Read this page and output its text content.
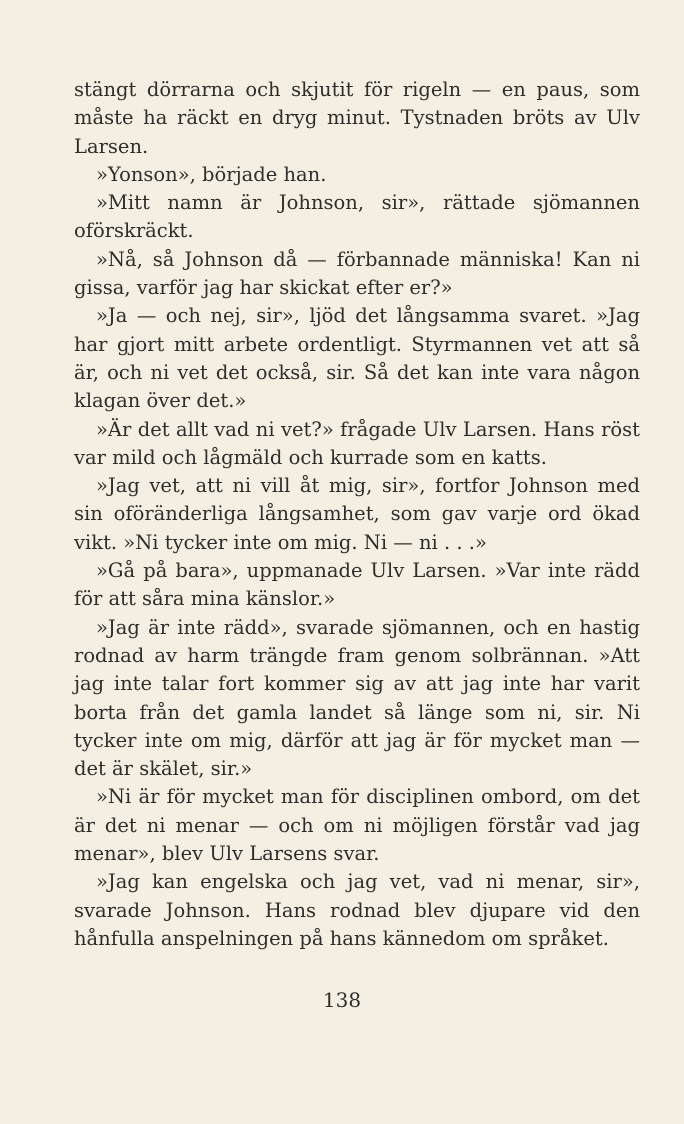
stängt dörrarna och skjutit för rigeln — en paus, som måste ha räckt en dryg minut. Tystnaden bröts av Ulv Larsen.

»Yonson», började han.

»Mitt namn är Johnson, sir», rättade sjömannen oförskräckt.

»Nå, så Johnson då — förbannade människa! Kan ni gissa, varför jag har skickat efter er?»

»Ja — och nej, sir», ljöd det långsamma svaret. »Jag har gjort mitt arbete ordentligt. Styrmannen vet att så är, och ni vet det också, sir. Så det kan inte vara någon klagan över det.»

»Är det allt vad ni vet?» frågade Ulv Larsen. Hans röst var mild och lågmäld och kurrade som en katts.

»Jag vet, att ni vill åt mig, sir», fortfor Johnson med sin oföränderliga långsamhet, som gav varje ord ökad vikt. »Ni tycker inte om mig. Ni — ni . . .»

»Gå på bara», uppmanade Ulv Larsen. »Var inte rädd för att såra mina känslor.»

»Jag är inte rädd», svarade sjömannen, och en hastig rodnad av harm trängde fram genom solbrännan. »Att jag inte talar fort kommer sig av att jag inte har varit borta från det gamla landet så länge som ni, sir. Ni tycker inte om mig, därför att jag är för mycket man — det är skälet, sir.»

»Ni är för mycket man för disciplinen ombord, om det är det ni menar — och om ni möjligen förstår vad jag menar», blev Ulv Larsens svar.

»Jag kan engelska och jag vet, vad ni menar, sir», svarade Johnson. Hans rodnad blev djupare vid den hånfulla anspelningen på hans kännedom om språket.

138
